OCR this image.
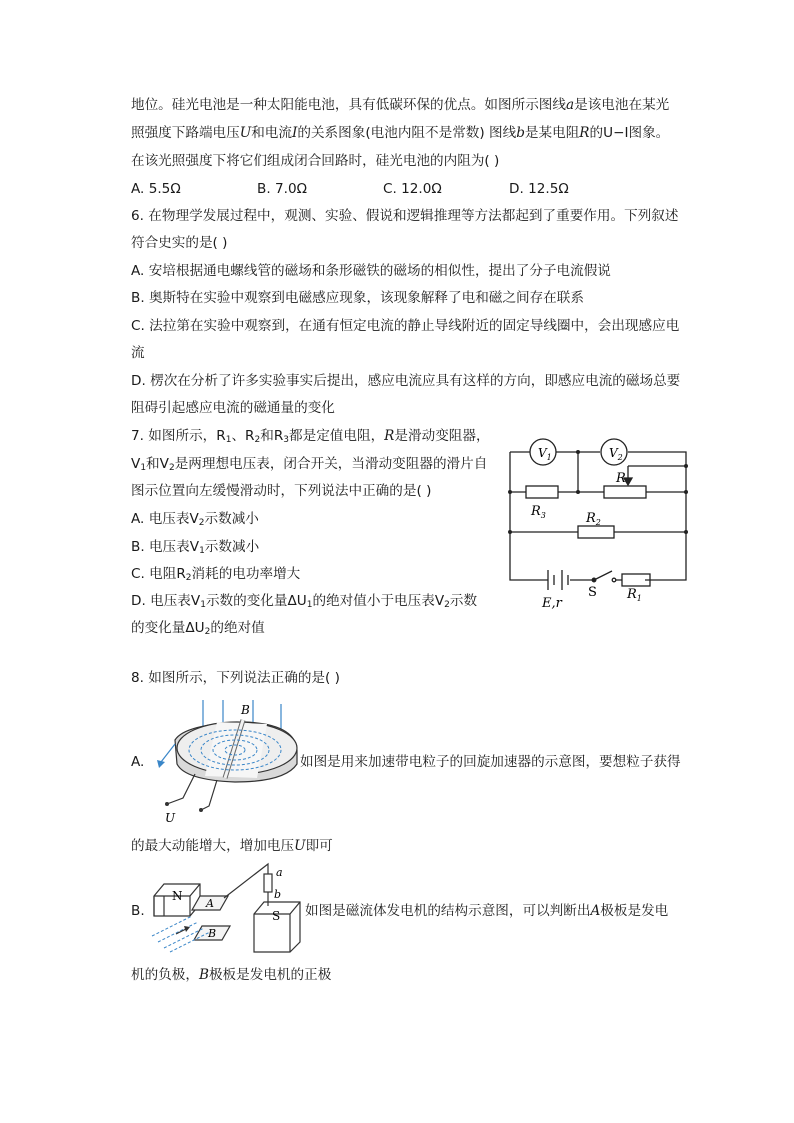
地位。硅光电池是一种太阳能电池，具有低碳环保的优点。如图所示图线a是该电池在某光
照强度下路端电压U和电流I的关系图象(电池内阻不是常数) 图线b是某电阻R的U−I图象。
在该光照强度下将它们组成闭合回路时，硅光电池的内阻为( )
A. 5.5Ω	B. 7.0Ω	C. 12.0Ω	D. 12.5Ω
6. 在物理学发展过程中，观测、实验、假说和逻辑推理等方法都起到了重要作用。下列叙述
符合史实的是( )
A. 安培根据通电螺线管的磁场和条形磁铁的磁场的相似性，提出了分子电流假说
B. 奥斯特在实验中观察到电磁感应现象，该现象解释了电和磁之间存在联系
C. 法拉第在实验中观察到，在通有恒定电流的静止导线附近的固定导线圈中，会出现感应电
流
D. 楞次在分析了许多实验事实后提出，感应电流应具有这样的方向，即感应电流的磁场总要
阻碍引起感应电流的磁通量的变化
7. 如图所示，$R_1$、$R_2$和$R_3$都是定值电阻，R是滑动变阻器，
$V_1$和$V_2$是两理想电压表，闭合开关，当滑动变阻器的滑片自
图示位置向左缓慢滑动时，下列说法中正确的是( )
A. 电压表$V_2$示数减小
B. 电压表$V_1$示数减小
C. 电阻$R_2$消耗的电功率增大
D. 电压表$V_1$示数的变化量$\Delta U_1$的绝对值小于电压表$V_2$示数
的变化量$\Delta U_2$的绝对值
$V_1$	$V_2$
R
$R_3$	$R_2$
$R_1$
S
E,r
8. 如图所示，下列说法正确的是( )
A.
B
U
如图是用来加速带电粒子的回旋加速器的示意图，要想粒子获得
的最大动能增大，增加电压U即可
B.
N
S
A
B
a
b
如图是磁流体发电机的结构示意图，可以判断出A极板是发电
机的负极，B极板是发电机的正极
